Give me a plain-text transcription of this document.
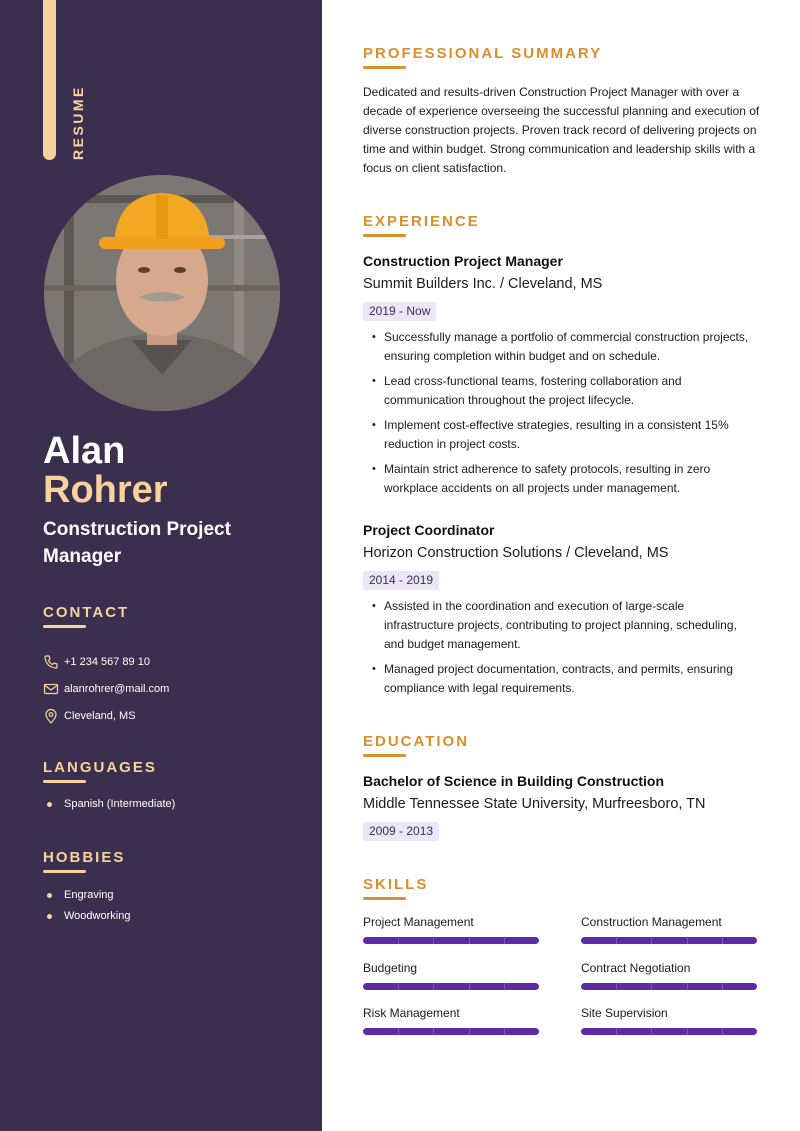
RESUME
Alan
Rohrer
Construction Project Manager
CONTACT
+1 234 567 89 10
alanrohrer@mail.com
Cleveland, MS
LANGUAGES
Spanish (Intermediate)
HOBBIES
Engraving
Woodworking
PROFESSIONAL SUMMARY
Dedicated and results-driven Construction Project Manager with over a decade of experience overseeing the successful planning and execution of diverse construction projects. Proven track record of delivering projects on time and within budget. Strong communication and leadership skills with a focus on client satisfaction.
EXPERIENCE
Construction Project Manager
Summit Builders Inc. / Cleveland, MS
2019 - Now
• Successfully manage a portfolio of commercial construction projects, ensuring completion within budget and on schedule.
• Lead cross-functional teams, fostering collaboration and communication throughout the project lifecycle.
• Implement cost-effective strategies, resulting in a consistent 15% reduction in project costs.
• Maintain strict adherence to safety protocols, resulting in zero workplace accidents on all projects under management.
Project Coordinator
Horizon Construction Solutions / Cleveland, MS
2014 - 2019
• Assisted in the coordination and execution of large-scale infrastructure projects, contributing to project planning, scheduling, and budget management.
• Managed project documentation, contracts, and permits, ensuring compliance with legal requirements.
EDUCATION
Bachelor of Science in Building Construction
Middle Tennessee State University, Murfreesboro, TN
2009 - 2013
SKILLS
Project Management	Construction Management
Budgeting	Contract Negotiation
Risk Management	Site Supervision
